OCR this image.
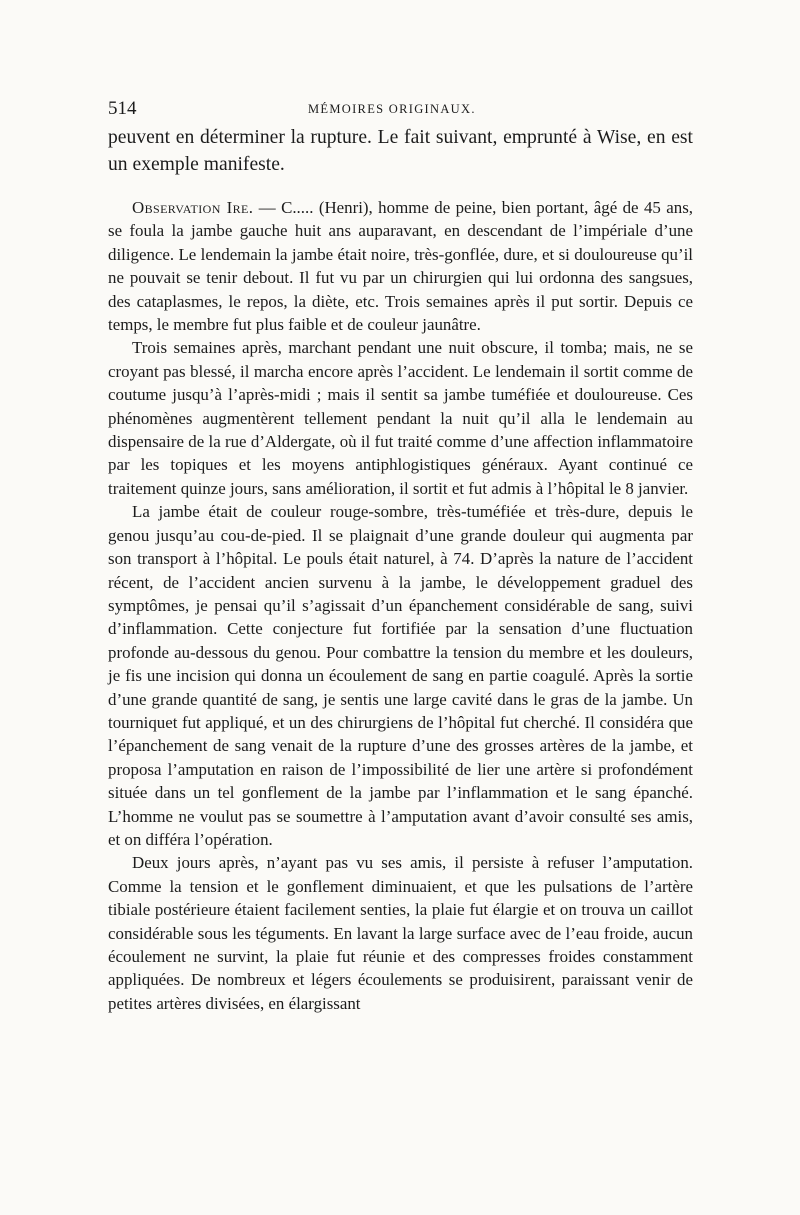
514	MÉMOIRES ORIGINAUX.

peuvent en déterminer la rupture. Le fait suivant, emprunté à Wise, en est un exemple manifeste.

Observation Ire. — C..... (Henri), homme de peine, bien portant, âgé de 45 ans, se foula la jambe gauche huit ans auparavant, en descendant de l’impériale d’une diligence. Le lendemain la jambe était noire, très-gonflée, dure, et si douloureuse qu’il ne pouvait se tenir debout. Il fut vu par un chirurgien qui lui ordonna des sangsues, des cataplasmes, le repos, la diète, etc. Trois semaines après il put sortir. Depuis ce temps, le membre fut plus faible et de couleur jaunâtre.

Trois semaines après, marchant pendant une nuit obscure, il tomba; mais, ne se croyant pas blessé, il marcha encore après l’accident. Le lendemain il sortit comme de coutume jusqu’à l’après-midi ; mais il sentit sa jambe tuméfiée et douloureuse. Ces phénomènes augmentèrent tellement pendant la nuit qu’il alla le lendemain au dispensaire de la rue d’Aldergate, où il fut traité comme d’une affection inflammatoire par les topiques et les moyens antiphlogistiques généraux. Ayant continué ce traitement quinze jours, sans amélioration, il sortit et fut admis à l’hôpital le 8 janvier.

La jambe était de couleur rouge-sombre, très-tuméfiée et très-dure, depuis le genou jusqu’au cou-de-pied. Il se plaignait d’une grande douleur qui augmenta par son transport à l’hôpital. Le pouls était naturel, à 74. D’après la nature de l’accident récent, de l’accident ancien survenu à la jambe, le développement graduel des symptômes, je pensai qu’il s’agissait d’un épanchement considérable de sang, suivi d’inflammation. Cette conjecture fut fortifiée par la sensation d’une fluctuation profonde au-dessous du genou. Pour combattre la tension du membre et les douleurs, je fis une incision qui donna un écoulement de sang en partie coagulé. Après la sortie d’une grande quantité de sang, je sentis une large cavité dans le gras de la jambe. Un tourniquet fut appliqué, et un des chirurgiens de l’hôpital fut cherché. Il considéra que l’épanchement de sang venait de la rupture d’une des grosses artères de la jambe, et proposa l’amputation en raison de l’impossibilité de lier une artère si profondément située dans un tel gonflement de la jambe par l’inflammation et le sang épanché. L’homme ne voulut pas se soumettre à l’amputation avant d’avoir consulté ses amis, et on différa l’opération.

Deux jours après, n’ayant pas vu ses amis, il persiste à refuser l’amputation. Comme la tension et le gonflement diminuaient, et que les pulsations de l’artère tibiale postérieure étaient facilement senties, la plaie fut élargie et on trouva un caillot considérable sous les téguments. En lavant la large surface avec de l’eau froide, aucun écoulement ne survint, la plaie fut réunie et des compresses froides constamment appliquées. De nombreux et légers écoulements se produisirent, paraissant venir de petites artères divisées, en élargissant
